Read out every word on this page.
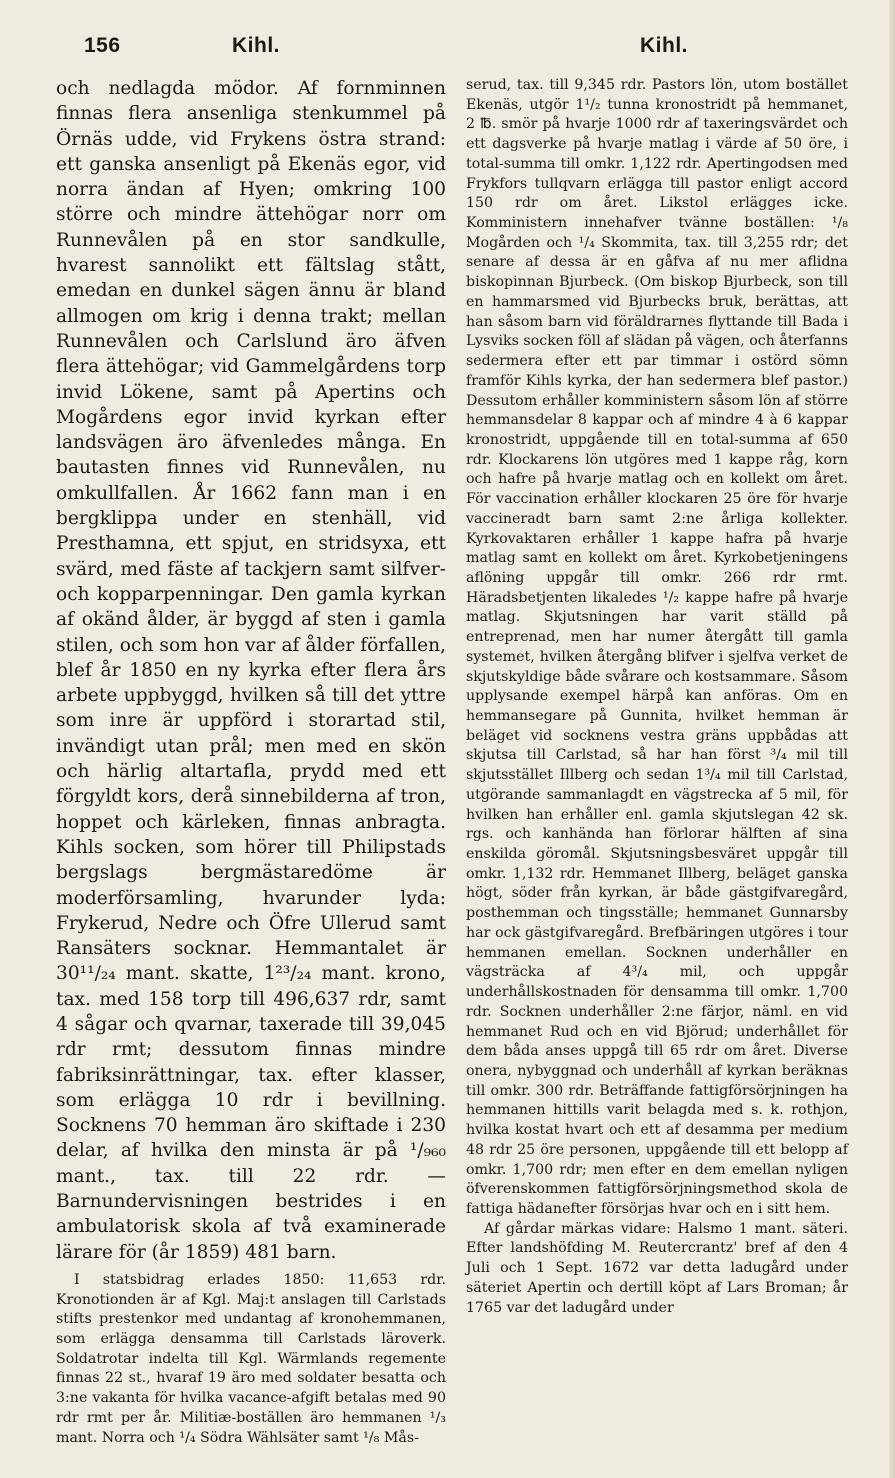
156	Kihl.	Kihl.

och nedlagda mödor. Af fornminnen finnas flera ansenliga stenkummel på Örnäs udde, vid Frykens östra strand: ett ganska ansenligt på Ekenäs egor, vid norra ändan af Hyen; omkring 100 större och mindre ättehögar norr om Runnevålen på en stor sandkulle, hvarest sannolikt ett fältslag stått, emedan en dunkel sägen ännu är bland allmogen om krig i denna trakt; mellan Runnevålen och Carlslund äro äfven flera ättehögar; vid Gammelgårdens torp invid Lökene, samt på Apertins och Mogårdens egor invid kyrkan efter landsvägen äro äfvenledes många. En bautasten finnes vid Runnevålen, nu omkullfallen. År 1662 fann man i en bergklippa under en stenhäll, vid Presthamna, ett spjut, en stridsyxa, ett svärd, med fäste af tackjern samt silfver- och kopparpenningar. Den gamla kyrkan af okänd ålder, är byggd af sten i gamla stilen, och som hon var af ålder förfallen, blef år 1850 en ny kyrka efter flera års arbete uppbyggd, hvilken så till det yttre som inre är uppförd i storartad stil, invändigt utan prål; men med en skön och härlig altartafla, prydd med ett förgyldt kors, derå sinnebilderna af tron, hoppet och kärleken, finnas anbragta. Kihls socken, som hörer till Philipstads bergslags bergmästaredöme är moderförsamling, hvarunder lyda: Frykerud, Nedre och Öfre Ullerud samt Ransäters socknar. Hemmantalet är 30¹¹/₂₄ mant. skatte, 1²³/₂₄ mant. krono, tax. med 158 torp till 496,637 rdr, samt 4 sågar och qvarnar, taxerade till 39,045 rdr rmt; dessutom finnas mindre fabriksinrättningar, tax. efter klasser, som erlägga 10 rdr i bevillning. Socknens 70 hemman äro skiftade i 230 delar, af hvilka den minsta är på ¹/₉₆₀ mant., tax. till 22 rdr. — Barnundervisningen bestrides i en ambulatorisk skola af två examinerade lärare för (år 1859) 481 barn.

I statsbidrag erlades 1850: 11,653 rdr. Kronotionden är af Kgl. Maj:t anslagen till Carlstads stifts prestenkor med undantag af kronohemmanen, som erlägga densamma till Carlstads läroverk. Soldatrotar indelta till Kgl. Wärmlands regemente finnas 22 st., hvaraf 19 äro med soldater besatta och 3:ne vakanta för hvilka vacance-afgift betalas med 90 rdr rmt per år. Militiæ-boställen äro hemmanen ¹/₃ mant. Norra och ¹/₄ Södra Wählsäter samt ¹/₈ Mås-

serud, tax. till 9,345 rdr. Pastors lön, utom bostället Ekenäs, utgör 1¹/₂ tunna kronostridt på hemmanet, 2 ℔. smör på hvarje 1000 rdr af taxeringsvärdet och ett dagsverke på hvarje matlag i värde af 50 öre, i total-summa till omkr. 1,122 rdr. Apertingodsen med Frykfors tullqvarn erlägga till pastor enligt accord 150 rdr om året. Likstol erlägges icke. Komministern innehafver tvänne boställen: ¹/₈ Mogården och ¹/₄ Skommita, tax. till 3,255 rdr; det senare af dessa är en gåfva af nu mer aflidna biskopinnan Bjurbeck. (Om biskop Bjurbeck, son till en hammarsmed vid Bjurbecks bruk, berättas, att han såsom barn vid föräldrarnes flyttande till Bada i Lysviks socken föll af slädan på vägen, och återfanns sedermera efter ett par timmar i ostörd sömn framför Kihls kyrka, der han sedermera blef pastor.) Dessutom erhåller komministern såsom lön af större hemmansdelar 8 kappar och af mindre 4 à 6 kappar kronostridt, uppgående till en total-summa af 650 rdr. Klockarens lön utgöres med 1 kappe råg, korn och hafre på hvarje matlag och en kollekt om året. För vaccination erhåller klockaren 25 öre för hvarje vaccineradt barn samt 2:ne årliga kollekter. Kyrkovaktaren erhåller 1 kappe hafra på hvarje matlag samt en kollekt om året. Kyrkobetjeningens aflöning uppgår till omkr. 266 rdr rmt. Häradsbetjenten likaledes ¹/₂ kappe hafre på hvarje matlag. Skjutsningen har varit ställd på entreprenad, men har numer återgått till gamla systemet, hvilken återgång blifver i sjelfva verket de skjutskyldige både svårare och kostsammare. Såsom upplysande exempel härpå kan anföras. Om en hemmansegare på Gunnita, hvilket hemman är beläget vid socknens vestra gräns uppbådas att skjutsa till Carlstad, så har han först ³/₄ mil till skjutsstället Illberg och sedan 1³/₄ mil till Carlstad, utgörande sammanlagdt en vägstrecka af 5 mil, för hvilken han erhåller enl. gamla skjutslegan 42 sk. rgs. och kanhända han förlorar hälften af sina enskilda göromål. Skjutsningsbesväret uppgår till omkr. 1,132 rdr. Hemmanet Illberg, beläget ganska högt, söder från kyrkan, är både gästgifvaregård, posthemman och tingsställe; hemmanet Gunnarsby har ock gästgifvaregård. Brefbäringen utgöres i tour hemmanen emellan. Socknen underhåller en vägsträcka af 4³/₄ mil, och uppgår underhållskostnaden för densamma till omkr. 1,700 rdr. Socknen underhåller 2:ne färjor, näml. en vid hemmanet Rud och en vid Björud; underhållet för dem båda anses uppgå till 65 rdr om året. Diverse onera, nybyggnad och underhåll af kyrkan beräknas till omkr. 300 rdr. Beträffande fattigförsörjningen ha hemmanen hittills varit belagda med s. k. rothjon, hvilka kostat hvart och ett af desamma per medium 48 rdr 25 öre personen, uppgående till ett belopp af omkr. 1,700 rdr; men efter en dem emellan nyligen öfverenskommen fattigförsörjningsmethod skola de fattiga hädanefter försörjas hvar och en i sitt hem.

Af gårdar märkas vidare: Halsmo 1 mant. säteri. Efter landshöfding M. Reutercrantz' bref af den 4 Juli och 1 Sept. 1672 var detta ladugård under säteriet Apertin och dertill köpt af Lars Broman; år 1765 var det ladugård under
